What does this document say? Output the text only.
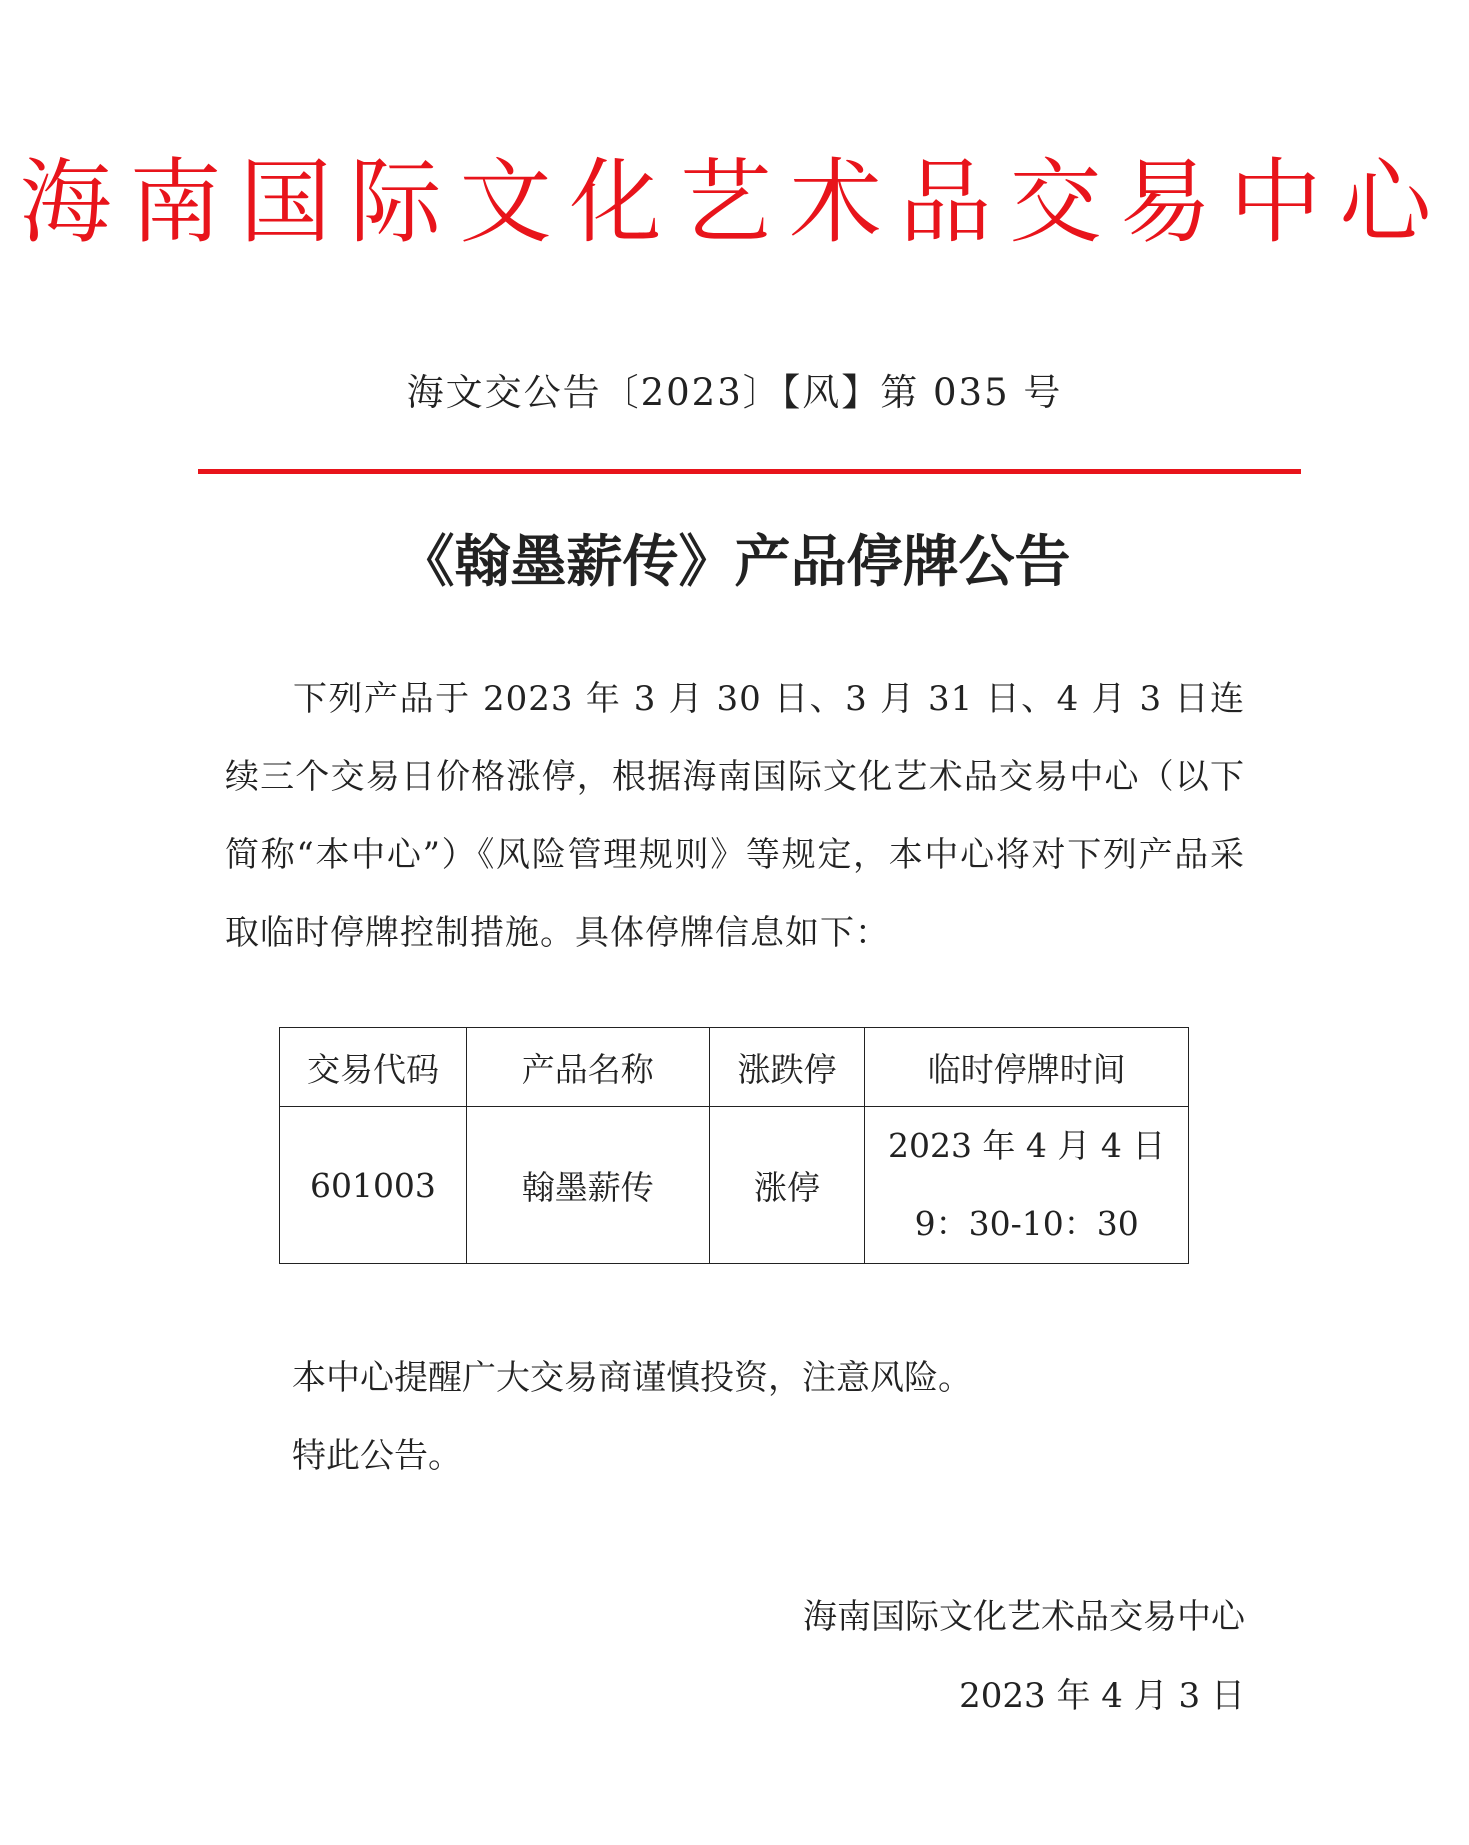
海南国际文化艺术品交易中心
海文交公告〔2023〕【风】第 035 号
《翰墨薪传》产品停牌公告
下列产品于 2023 年 3 月 30 日、3 月 31 日、4 月 3 日连续三个交易日价格涨停，根据海南国际文化艺术品交易中心（以下简称“本中心”）《风险管理规则》等规定，本中心将对下列产品采取临时停牌控制措施。具体停牌信息如下：
交易代码	产品名称	涨跌停	临时停牌时间
601003	翰墨薪传	涨停	2023 年 4 月 4 日
9：30-10：30
本中心提醒广大交易商谨慎投资，注意风险。
特此公告。
海南国际文化艺术品交易中心
2023 年 4 月 3 日
